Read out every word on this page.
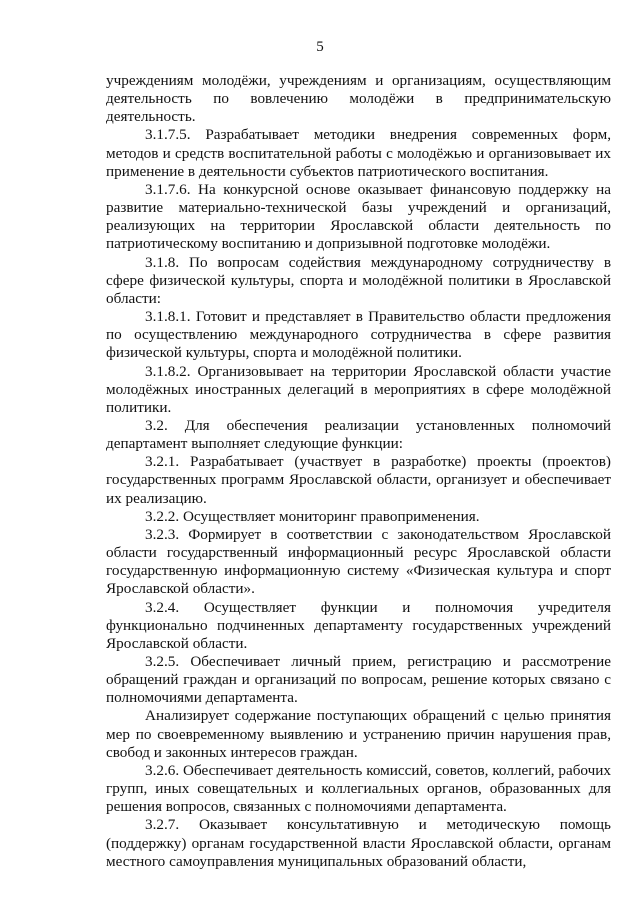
5

учреждениям молодёжи, учреждениям и организациям, осуществляющим деятельность по вовлечению молодёжи в предпринимательскую деятельность.

3.1.7.5. Разрабатывает методики внедрения современных форм, методов и средств воспитательной работы с молодёжью и организовывает их применение в деятельности субъектов патриотического воспитания.

3.1.7.6. На конкурсной основе оказывает финансовую поддержку на развитие материально-технической базы учреждений и организаций, реализующих на территории Ярославской области деятельность по патриотическому воспитанию и допризывной подготовке молодёжи.

3.1.8. По вопросам содействия международному сотрудничеству в сфере физической культуры, спорта и молодёжной политики в Ярославской области:

3.1.8.1. Готовит и представляет в Правительство области предложения по осуществлению международного сотрудничества в сфере развития физической культуры, спорта и молодёжной политики.

3.1.8.2. Организовывает на территории Ярославской области участие молодёжных иностранных делегаций в мероприятиях в сфере молодёжной политики.

3.2. Для обеспечения реализации установленных полномочий департамент выполняет следующие функции:

3.2.1. Разрабатывает (участвует в разработке) проекты (проектов) государственных программ Ярославской области, организует и обеспечивает их реализацию.

3.2.2. Осуществляет мониторинг правоприменения.

3.2.3. Формирует в соответствии с законодательством Ярославской области государственный информационный ресурс Ярославской области государственную информационную систему «Физическая культура и спорт Ярославской области».

3.2.4. Осуществляет функции и полномочия учредителя функционально подчиненных департаменту государственных учреждений Ярославской области.

3.2.5. Обеспечивает личный прием, регистрацию и рассмотрение обращений граждан и организаций по вопросам, решение которых связано с полномочиями департамента.

Анализирует содержание поступающих обращений с целью принятия мер по своевременному выявлению и устранению причин нарушения прав, свобод и законных интересов граждан.

3.2.6. Обеспечивает деятельность комиссий, советов, коллегий, рабочих групп, иных совещательных и коллегиальных органов, образованных для решения вопросов, связанных с полномочиями департамента.

3.2.7. Оказывает консультативную и методическую помощь (поддержку) органам государственной власти Ярославской области, органам местного самоуправления муниципальных образований области,
